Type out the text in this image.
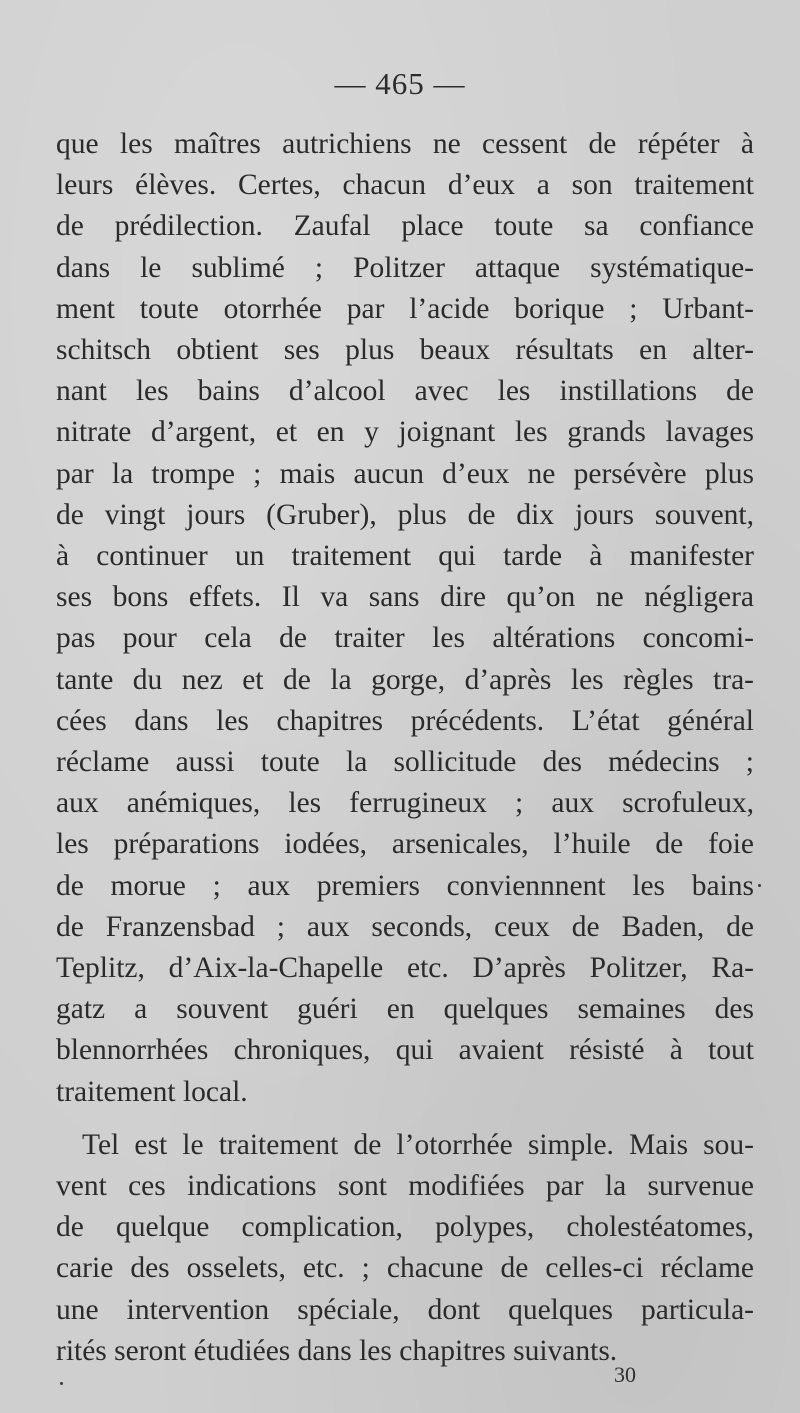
— 465 —
que les maîtres autrichiens ne cessent de répéter à
leurs élèves. Certes, chacun d’eux a son traitement
de prédilection. Zaufal place toute sa confiance
dans le sublimé ; Politzer attaque systématique-
ment toute otorrhée par l’acide borique ; Urbant-
schitsch obtient ses plus beaux résultats en alter-
nant les bains d’alcool avec les instillations de
nitrate d’argent, et en y joignant les grands lavages
par la trompe ; mais aucun d’eux ne persévère plus
de vingt jours (Gruber), plus de dix jours souvent,
à continuer un traitement qui tarde à manifester
ses bons effets. Il va sans dire qu’on ne négligera
pas pour cela de traiter les altérations concomi-
tante du nez et de la gorge, d’après les règles tra-
cées dans les chapitres précédents. L’état général
réclame aussi toute la sollicitude des médecins ;
aux anémiques, les ferrugineux ; aux scrofuleux,
les préparations iodées, arsenicales, l’huile de foie
de morue ; aux premiers conviennnent les bains
de Franzensbad ; aux seconds, ceux de Baden, de
Teplitz, d’Aix-la-Chapelle etc. D’après Politzer, Ra-
gatz a souvent guéri en quelques semaines des
blennorrhées chroniques, qui avaient résisté à tout
traitement local.
Tel est le traitement de l’otorrhée simple. Mais sou-
vent ces indications sont modifiées par la survenue
de quelque complication, polypes, cholestéatomes,
carie des osselets, etc. ; chacune de celles-ci réclame
une intervention spéciale, dont quelques particula-
rités seront étudiées dans les chapitres suivants.
30
